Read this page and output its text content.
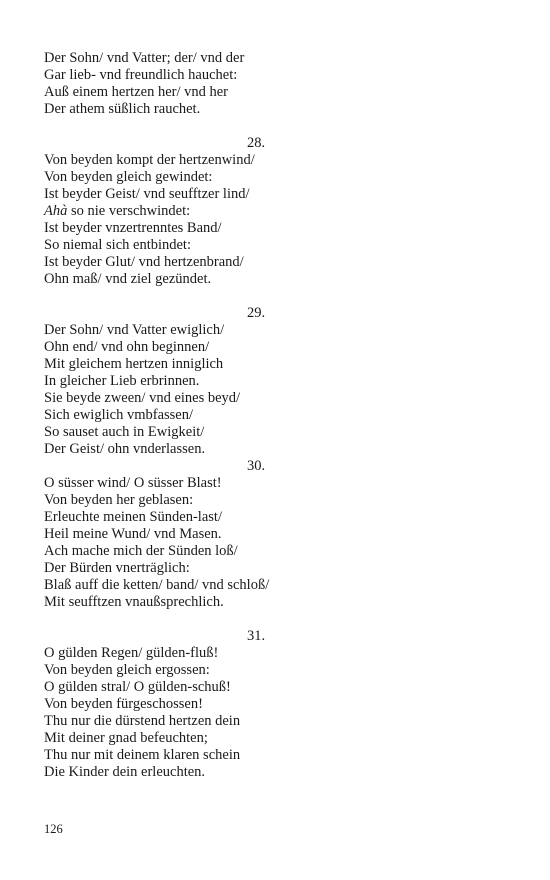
Der Sohn/ vnd Vatter; der/ vnd der
Gar lieb- vnd freundlich hauchet:
Auß einem hertzen her/ vnd her
Der athem süßlich rauchet.
28.
Von beyden kompt der hertzenwind/
Von beyden gleich gewindet:
Ist beyder Geist/ vnd seufftzer lind/
Ahà so nie verschwindet:
Ist beyder vnzertrenntes Band/
So niemal sich entbindet:
Ist beyder Glut/ vnd hertzenbrand/
Ohn maß/ vnd ziel gezündet.
29.
Der Sohn/ vnd Vatter ewiglich/
Ohn end/ vnd ohn beginnen/
Mit gleichem hertzen inniglich
In gleicher Lieb erbrinnen.
Sie beyde zween/ vnd eines beyd/
Sich ewiglich vmbfassen/
So sauset auch in Ewigkeit/
Der Geist/ ohn vnderlassen.
30.
O süsser wind/ O süsser Blast!
Von beyden her geblasen:
Erleuchte meinen Sünden-last/
Heil meine Wund/ vnd Masen.
Ach mache mich der Sünden loß/
Der Bürden vnerträglich:
Blaß auff die ketten/ band/ vnd schloß/
Mit seufftzen vnaußsprechlich.
31.
O gülden Regen/ gülden-fluß!
Von beyden gleich ergossen:
O gülden stral/ O gülden-schuß!
Von beyden fürgeschossen!
Thu nur die dürstend hertzen dein
Mit deiner gnad befeuchten;
Thu nur mit deinem klaren schein
Die Kinder dein erleuchten.
126
